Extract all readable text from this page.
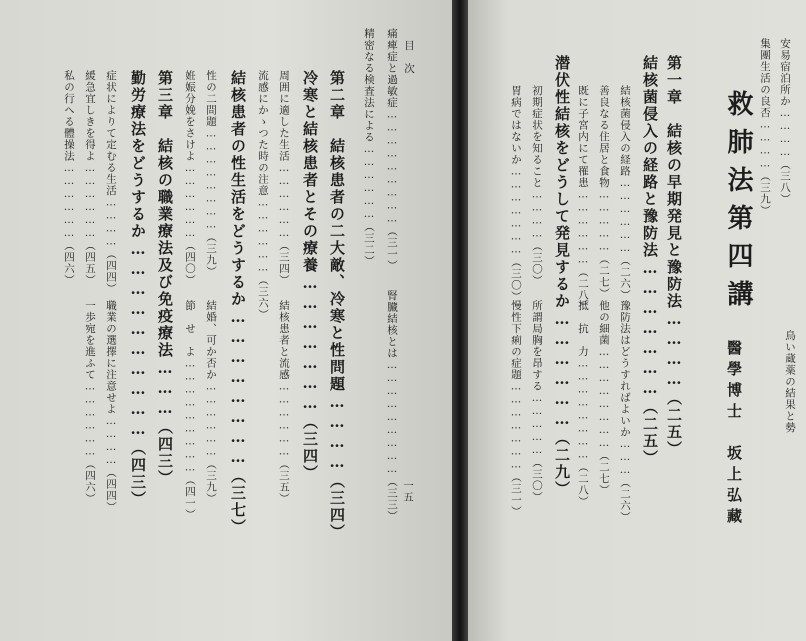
目　次
一五
痛痺症と過敏症………………………（三一）
腎臓結核とは………………………（三三）
精密なる検査法による………………（三二）
第二章　結核患者の二大敵、冷寒と性問題…………（三四）
冷寒と結核患者とその療養…………………（三四）
周囲に適した生活………………（三四）
結核患者と流感………………（三五）
流感にかゝつた時の注意………………（三六）
結核患者の性生活をどうするか……………………（三七）
性の二問題……………………（三九）
結婚、可か否か………………（三九）
姙娠分娩をさけよ………………（四〇）
節　せ　よ………………………（四一）
第三章　結核の職業療法及び免疫療法………（四三）
勤労療法をどうするか…………………………（四三）
症状によりて定むる生活…………（四四）
職業の選擇に注意せよ…………（四四）
緩急宜しきを得よ………………（四五）
一歩宛を進ふて………………（四六）
私の行へる體操法………………（四六）	安易宿泊所か…………（三八）
集團生活の良否…………（三九）
鳥い蔵薬の結果と勢
救肺法第四講
醫學博士　坂上弘藏
第一章　結核の早期発見と豫防法…………（二五）
結核菌侵入の経路と豫防法…………………（二五）
結核菌侵入の経路………………（二六）
豫防法はどうすればよいか………（二六）
善良なる住居と食物……………（二七）
他の細菌……………………（二七）
既に子宮内にて罹患………………（二八）
抵　抗　力……………………（二八）
潜伏性結核をどうして発見するか………………（二九）
初期症状を知ること…………（三〇）
所謂局胸を昂する……………（三〇）
胃病ではないか…………………（三〇）
慢性下痢の症題…………………（三一）
